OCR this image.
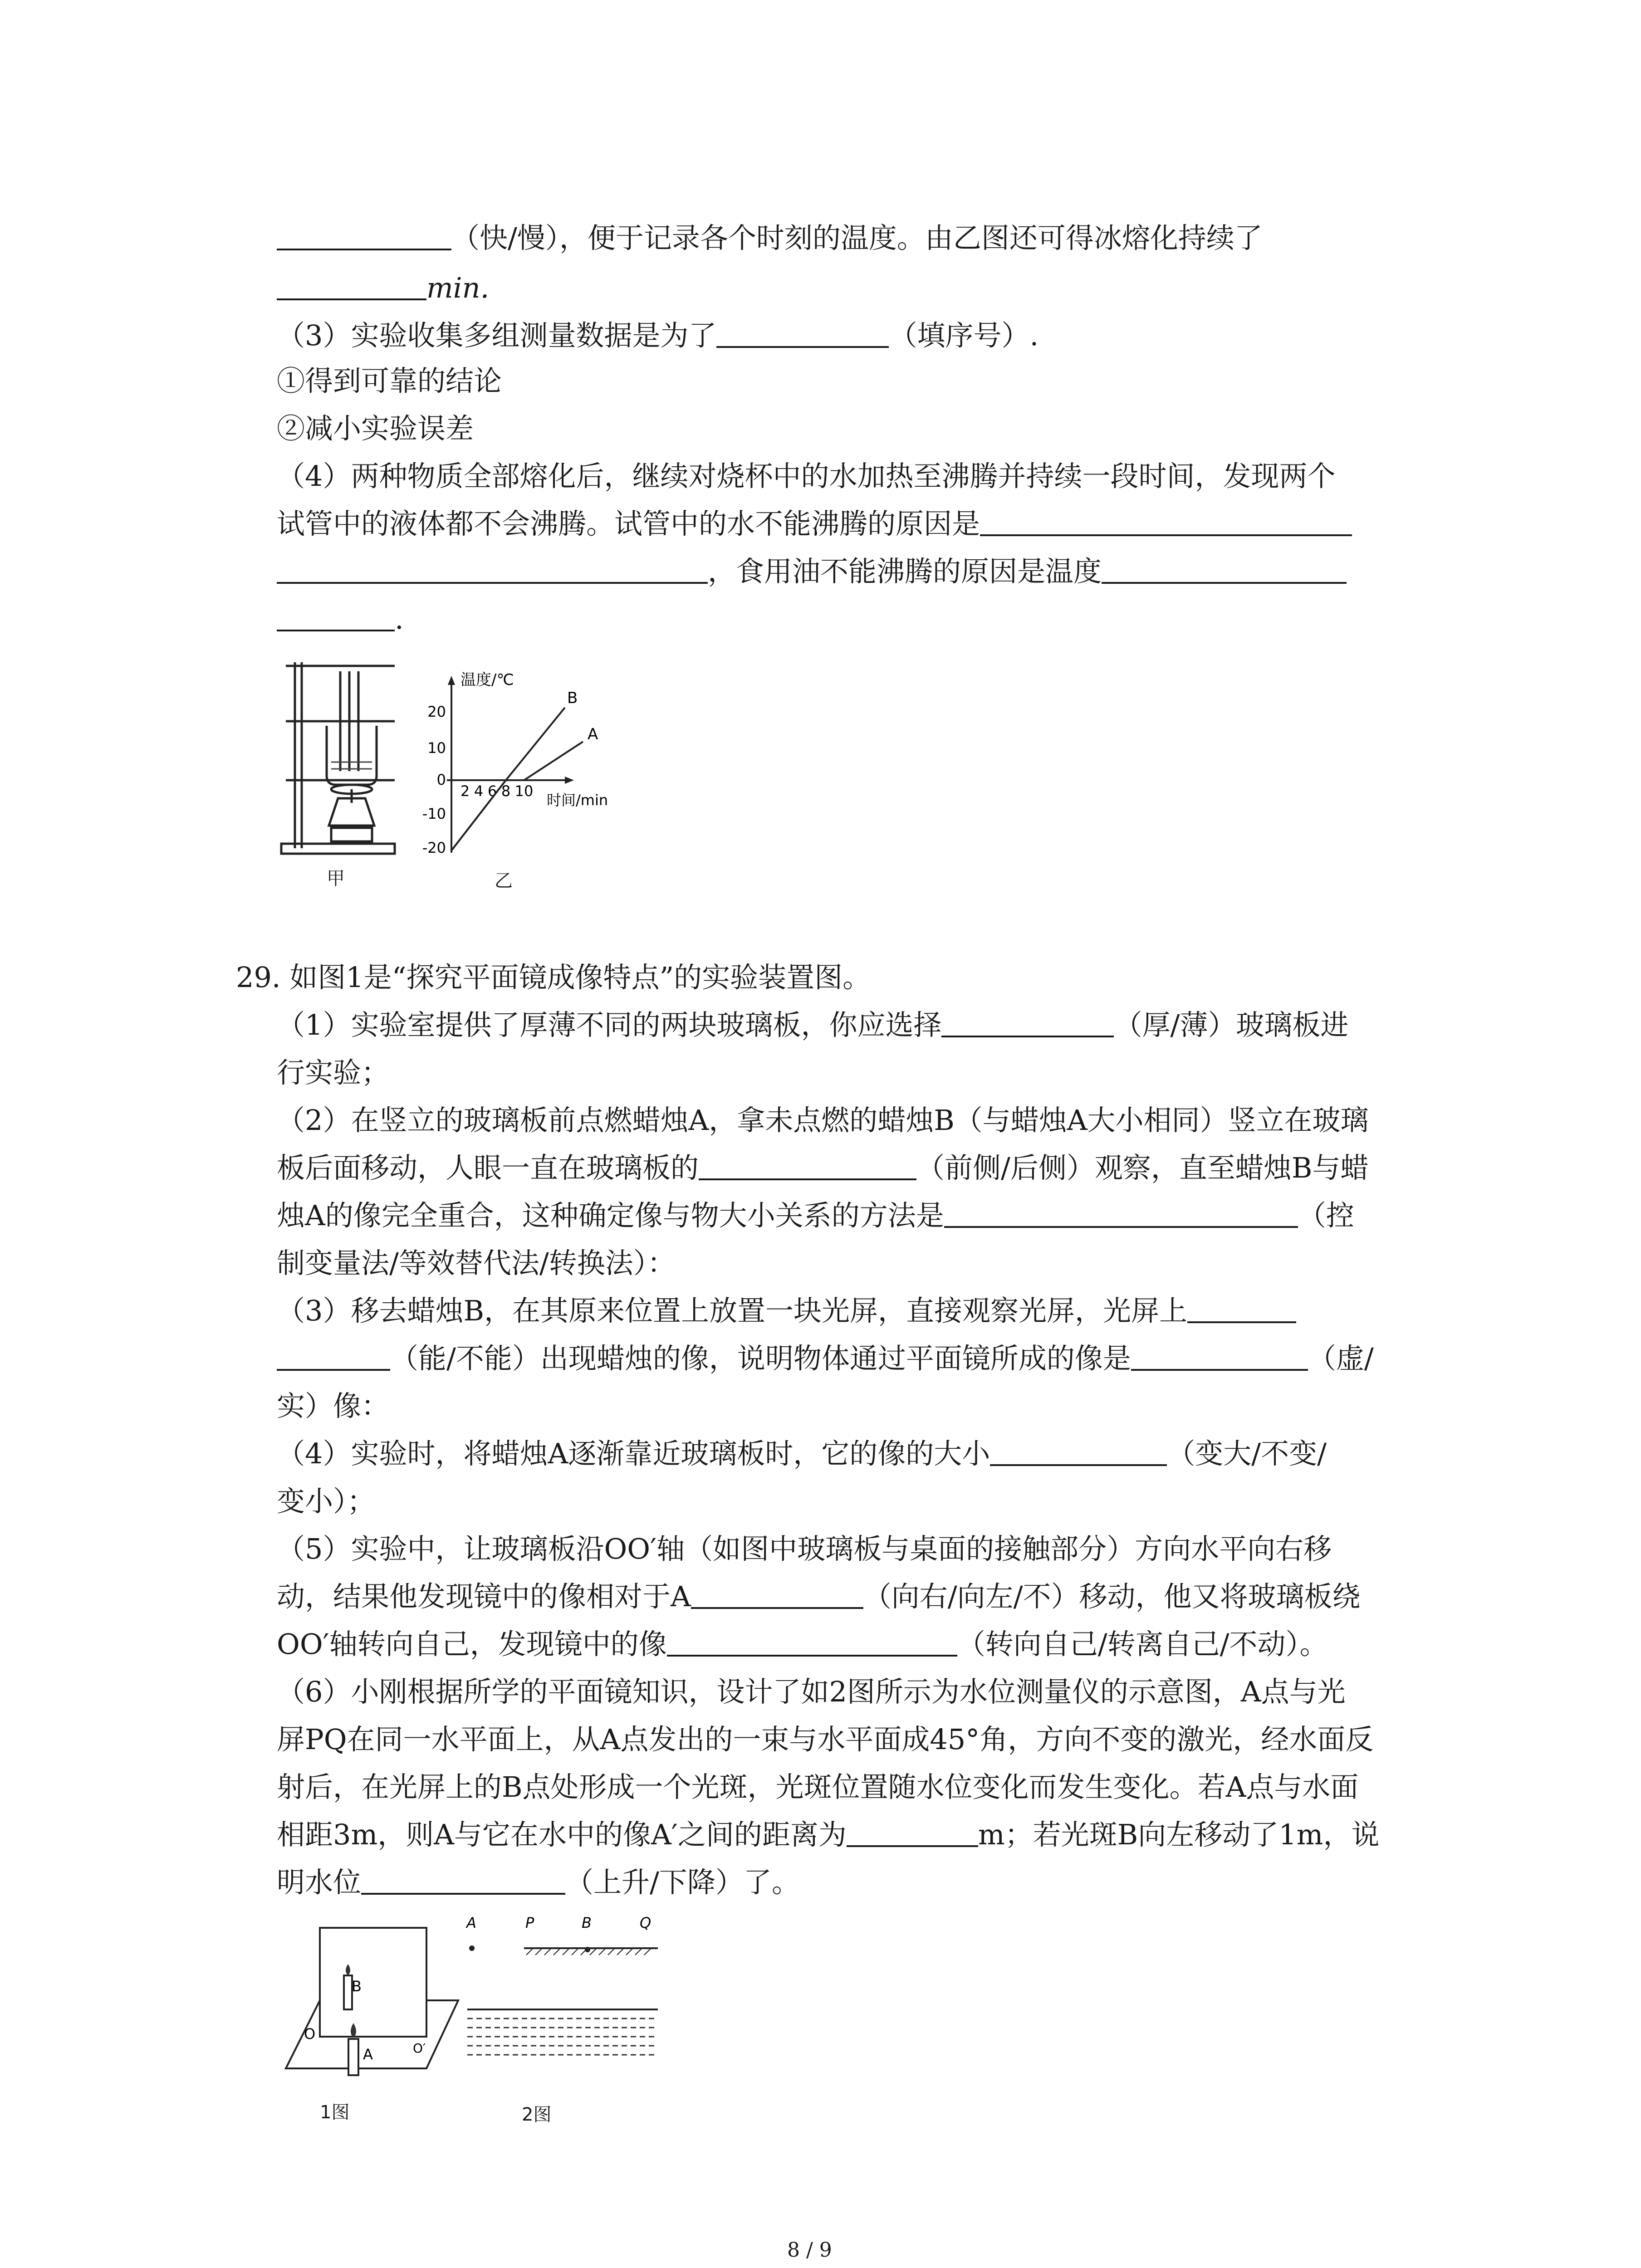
（快/慢），便于记录各个时刻的温度。由乙图还可得冰熔化持续了
min.
（3）实验收集多组测量数据是为了	（填序号）.
①得到可靠的结论
②减小实验误差
（4）两种物质全部熔化后，继续对烧杯中的水加热至沸腾并持续一段时间，发现两个
试管中的液体都不会沸腾。试管中的水不能沸腾的原因是
，食用油不能沸腾的原因是温度
.
甲
温度/℃
时间/min
20
10
0
-10
-20
2 4 6 8 10
B
A
乙
29. 如图1是“探究平面镜成像特点”的实验装置图。
（1）实验室提供了厚薄不同的两块玻璃板，你应选择	（厚/薄）玻璃板进
行实验；
（2）在竖立的玻璃板前点燃蜡烛A，拿未点燃的蜡烛B（与蜡烛A大小相同）竖立在玻璃
板后面移动，人眼一直在玻璃板的	（前侧/后侧）观察，直至蜡烛B与蜡
烛A的像完全重合，这种确定像与物大小关系的方法是	（控
制变量法/等效替代法/转换法）：
（3）移去蜡烛B，在其原来位置上放置一块光屏，直接观察光屏，光屏上
（能/不能）出现蜡烛的像，说明物体通过平面镜所成的像是	（虚/
实）像：
（4）实验时，将蜡烛A逐渐靠近玻璃板时，它的像的大小	（变大/不变/
变小）；
（5）实验中，让玻璃板沿OO′轴（如图中玻璃板与桌面的接触部分）方向水平向右移
动，结果他发现镜中的像相对于A	（向右/向左/不）移动，他又将玻璃板绕
OO′轴转向自己，发现镜中的像	（转向自己/转离自己/不动）。
（6）小刚根据所学的平面镜知识，设计了如2图所示为水位测量仪的示意图，A点与光
屏PQ在同一水平面上，从A点发出的一束与水平面成45°角，方向不变的激光，经水面反
射后，在光屏上的B点处形成一个光斑，光斑位置随水位变化而发生变化。若A点与水面
相距3m，则A与它在水中的像A′之间的距离为	m；若光斑B向左移动了1m，说
明水位	（上升/下降）了。
B
A
O
O′
1图
A	P	B	Q
2图
8 / 9
